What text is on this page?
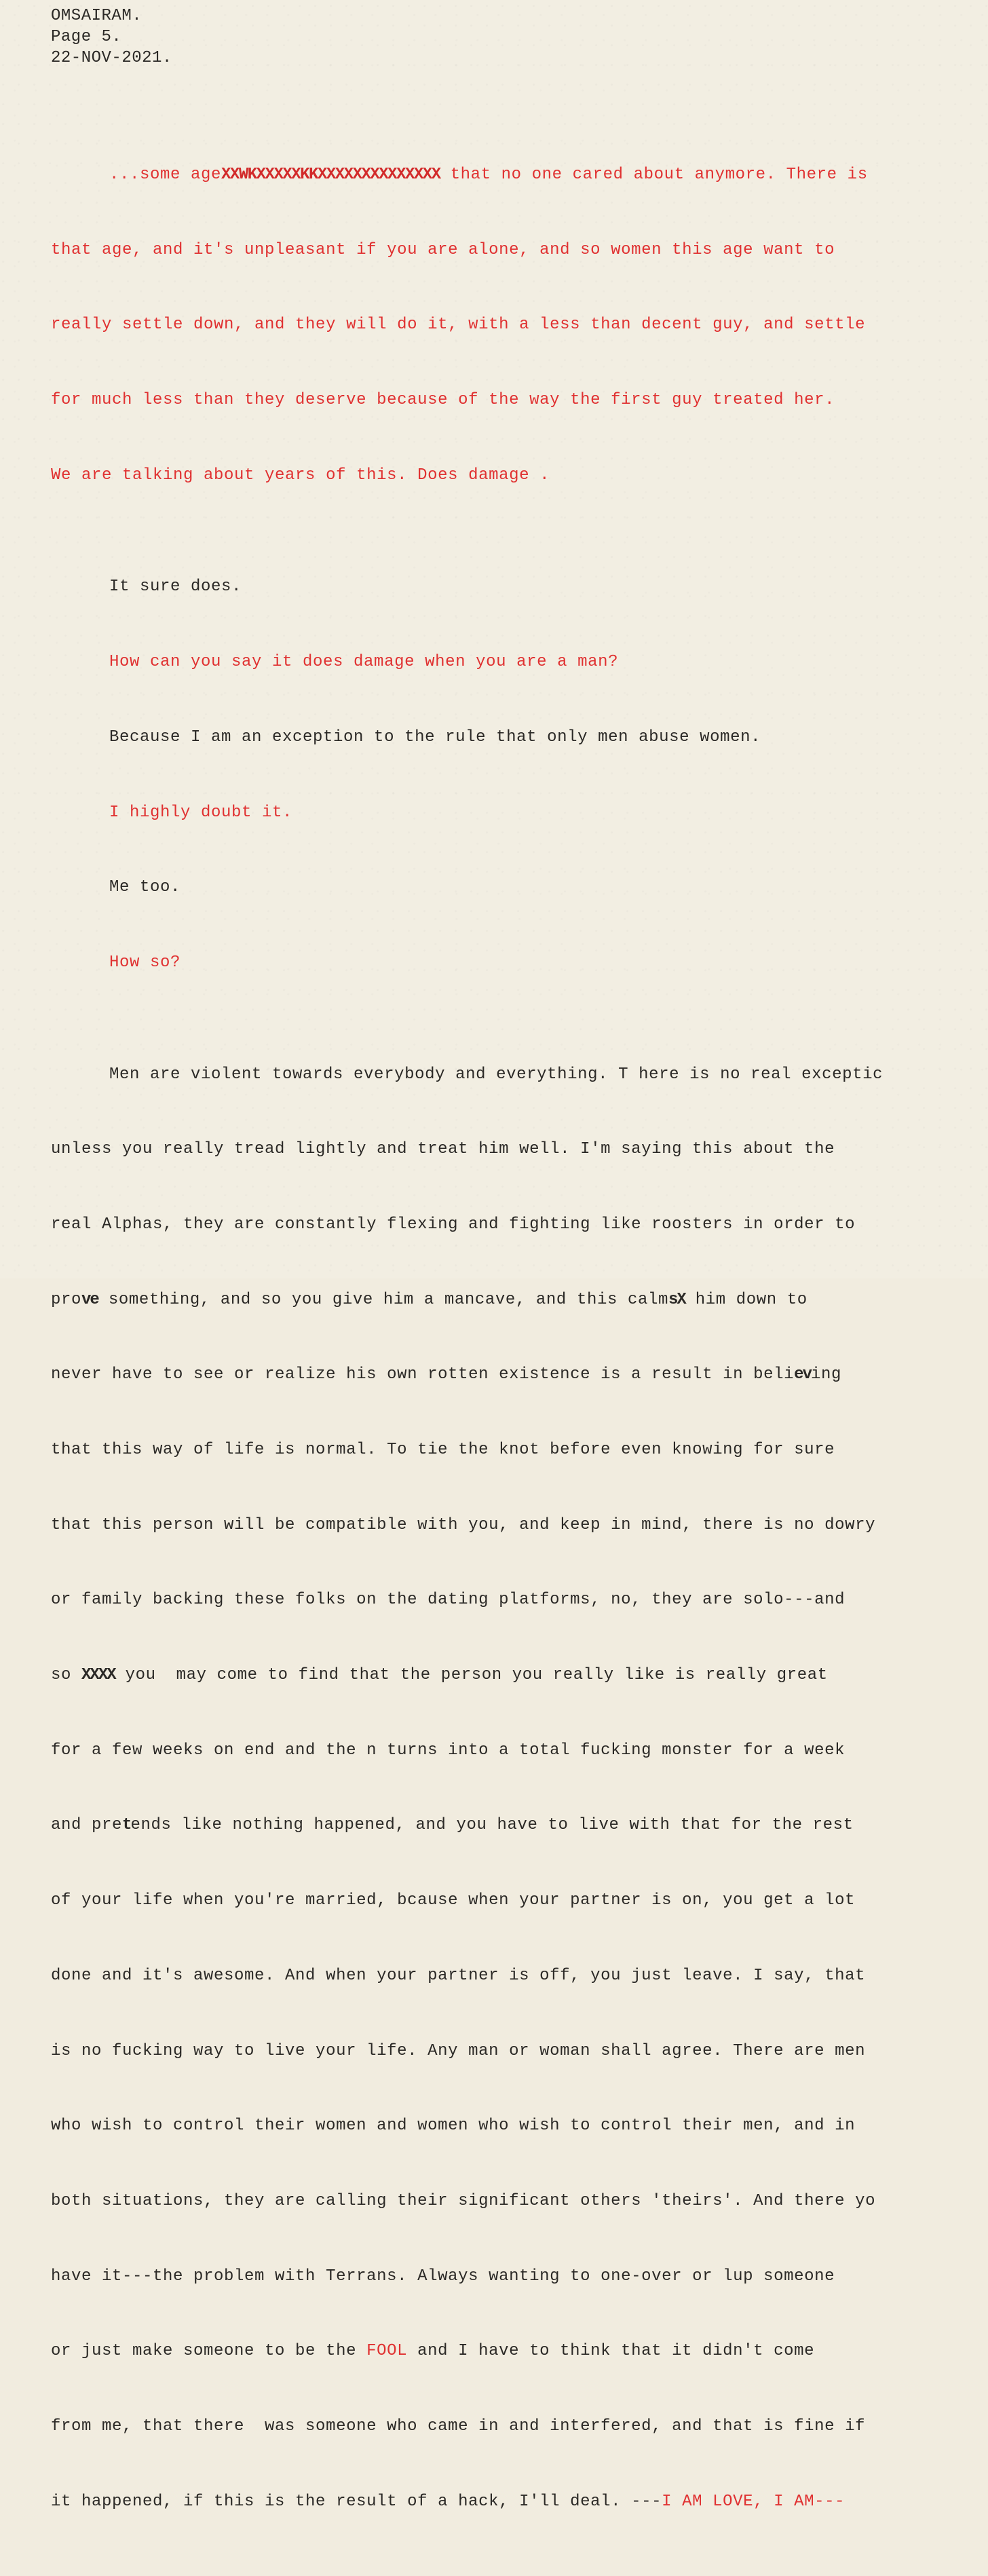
OMSAIRAM.
Page 5.
22-NOV-2021.

...some ageXXWKXXXXXKKXXXXXXXXXXXXXX that no one cared about anymore. There is

that age, and it's unpleasant if you are alone, and so women this age want to

really settle down, and they will do it, with a less than decent guy, and settle

for much less than they deserve because of the way the first guy treated her.

We are talking about years of this. Does damage .

It sure does.

How can you say it does damage when you are a man?

Because I am an exception to the rule that only men abuse women.

I highly doubt it.

Me too.

How so?

Men are violent towards everybody and everything. T here is no real exceptic

unless you really tread lightly and treat him well. I'm saying this about the

real Alphas, they are constantly flexing and fighting like roosters in order to

prove something, and so you give him a mancave, and this calmsX him down to

never have to see or realize his own rotten existence is a result in believing

that this way of life is normal. To tie the knot before even knowing for sure

that this person will be compatible with you, and keep in mind, there is no dowry

or family backing these folks on the dating platforms, no, they are solo---and

so XXXX you  may come to find that the person you really like is really great

for a few weeks on end and the n turns into a total fucking monster for a week

and pretends like nothing happened, and you have to live with that for the rest

of your life when you're married, bcause when your partner is on, you get a lot

done and it's awesome. And when your partner is off, you just leave. I say, that

is no fucking way to live your life. Any man or woman shall agree. There are men

who wish to control their women and women who wish to control their men, and in

both situations, they are calling their significant others 'theirs'. And there yo

have it---the problem with Terrans. Always wanting to one-over or lup someone

or just make someone to be the FOOL and I have to think that it didn't come

from me, that there  was someone who came in and interfered, and that is fine if

it happened, if this is the result of a hack, I'll deal. ---I AM LOVE, I AM---
